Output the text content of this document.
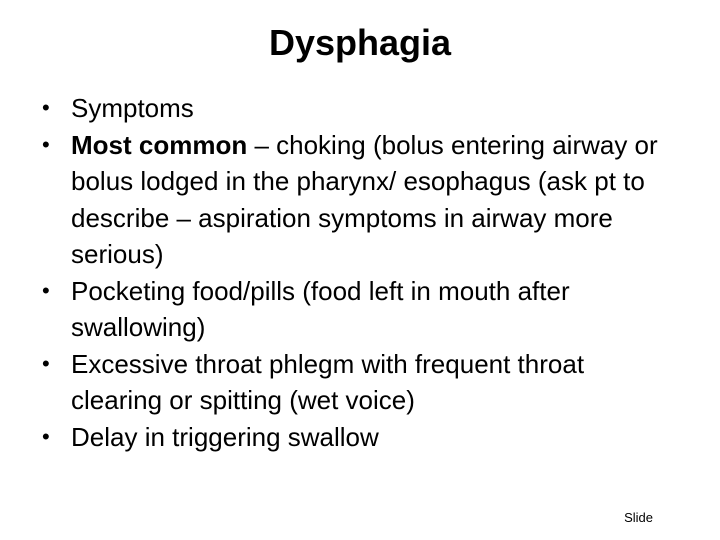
Dysphagia
• Symptoms
• Most common – choking (bolus entering airway or bolus lodged in the pharynx/ esophagus (ask pt to describe – aspiration symptoms in airway more serious)
• Pocketing food/pills (food left in mouth after swallowing)
• Excessive throat phlegm with frequent throat clearing or spitting (wet voice)
• Delay in triggering swallow
Slide
